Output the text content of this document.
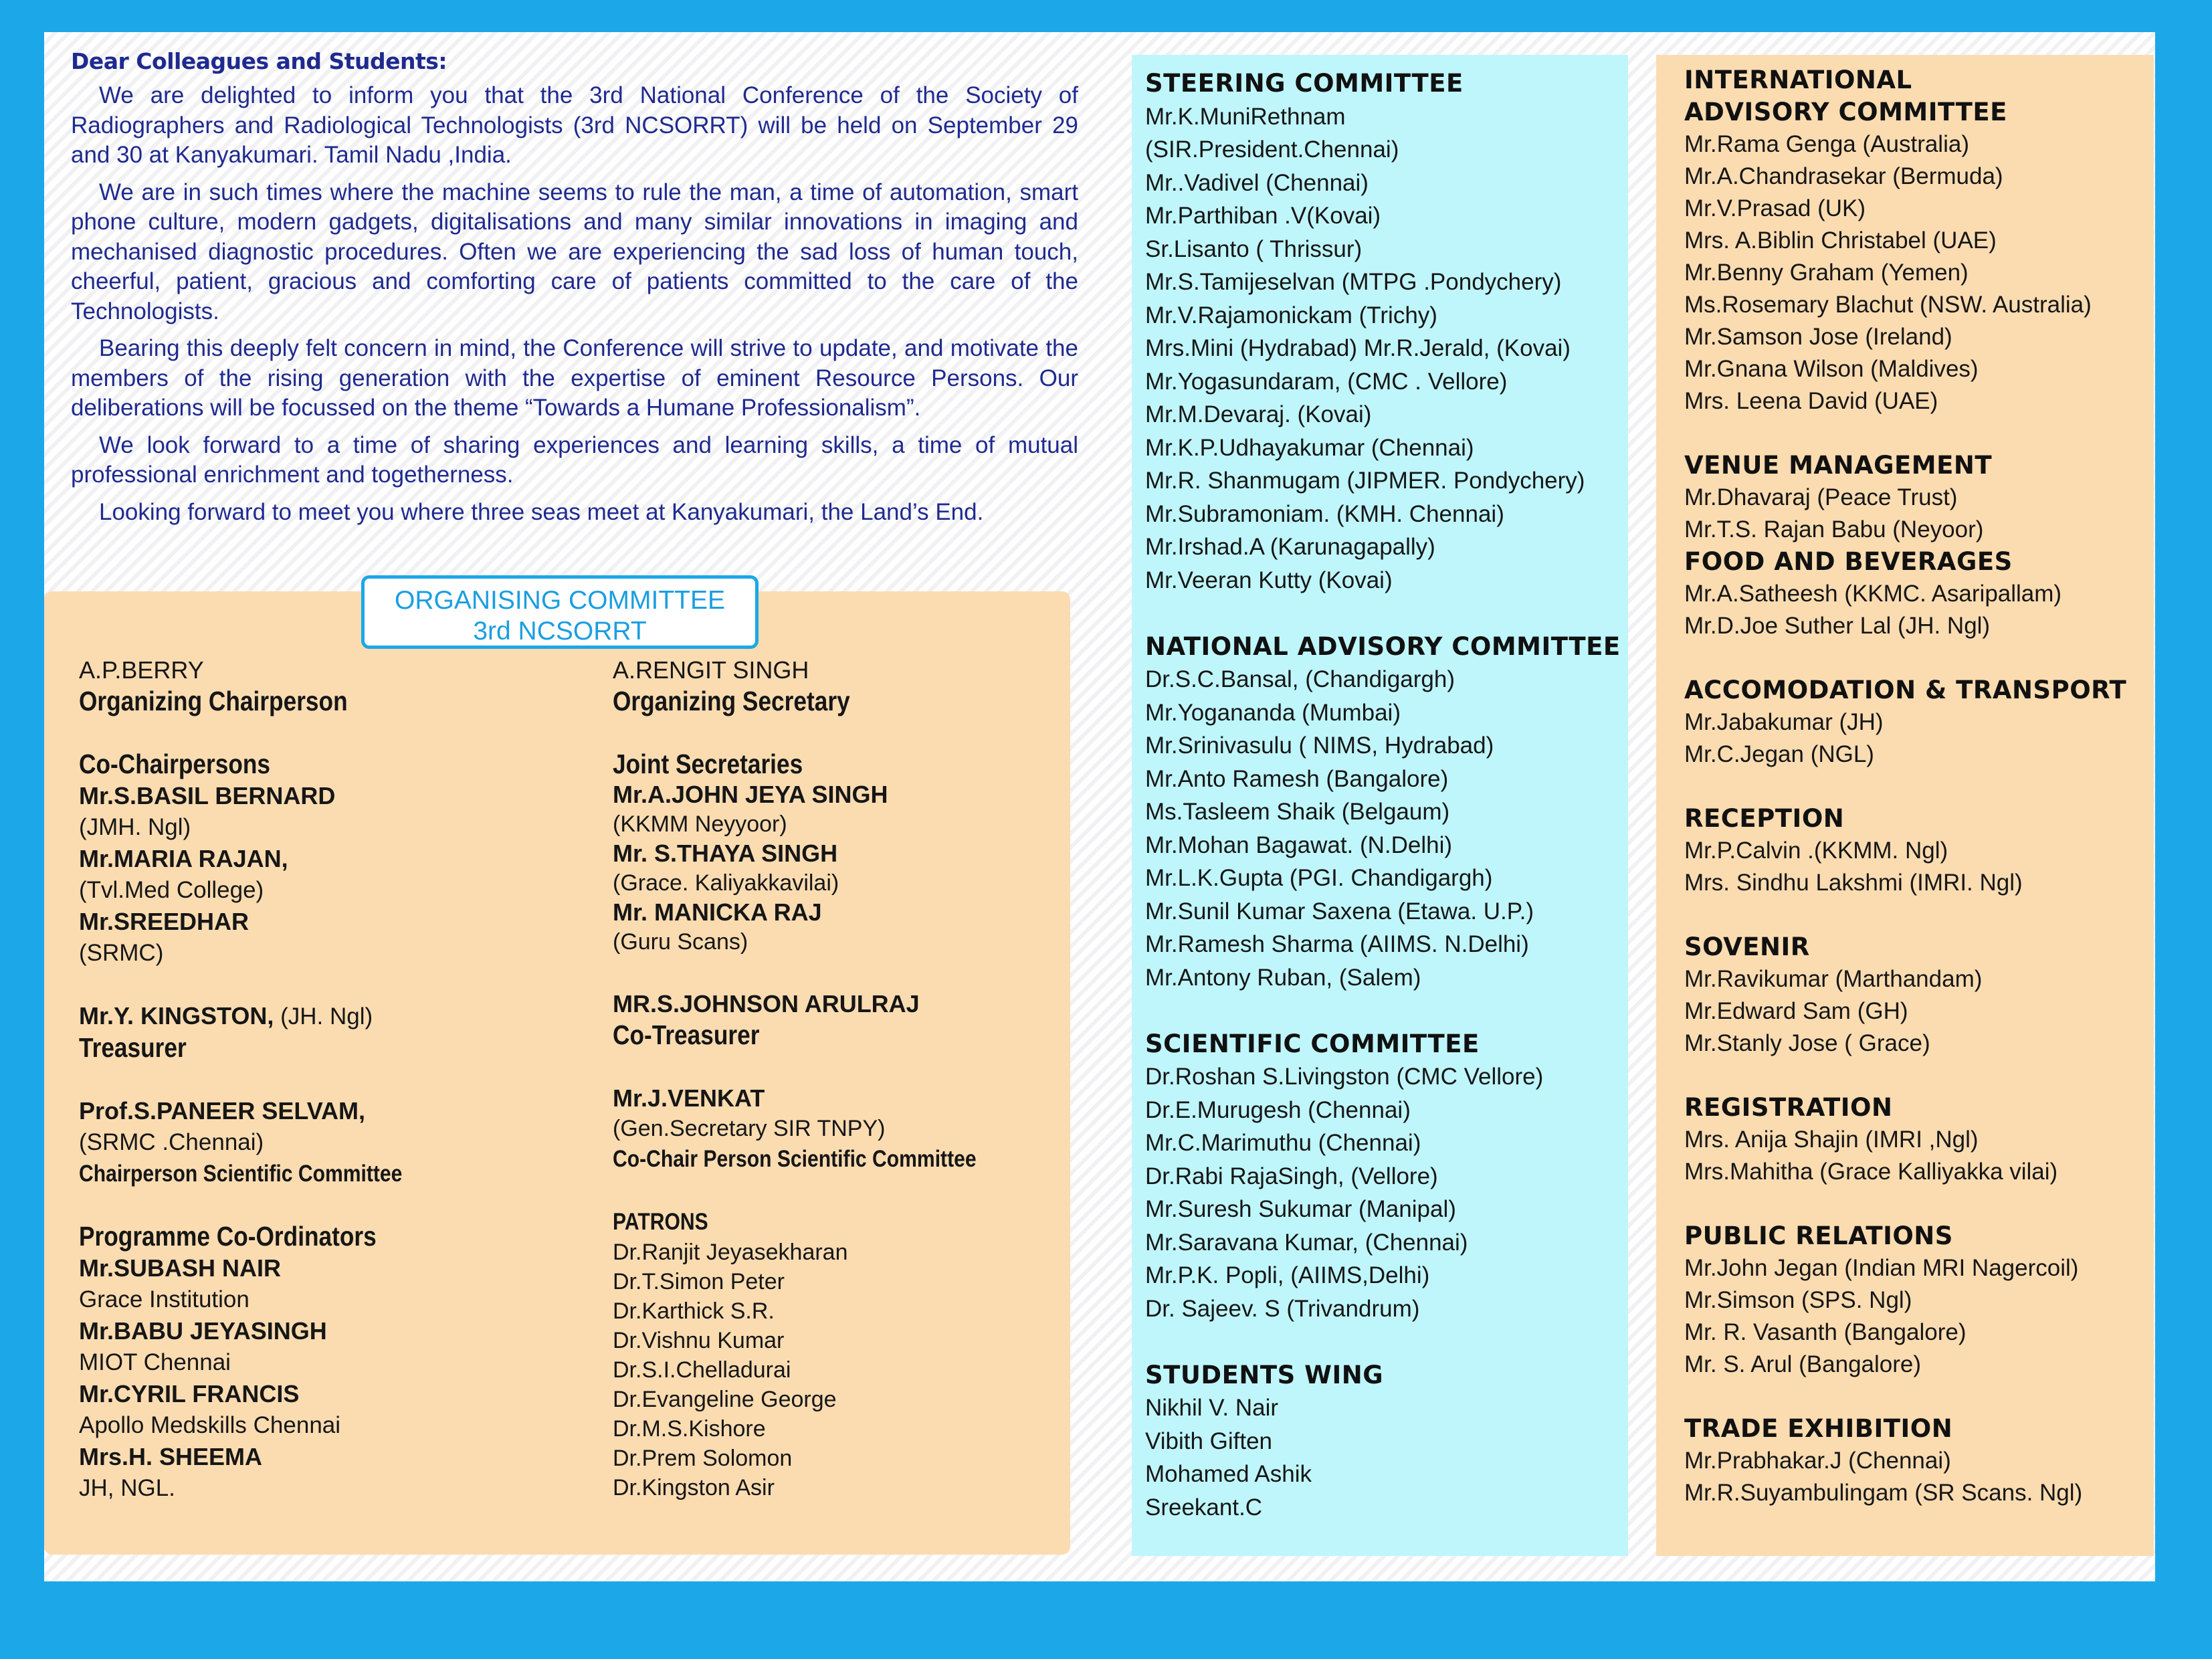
Dear Colleagues and Students:

We are delighted to inform you that the 3rd National Conference of the Society of Radiographers and Radiological Technologists (3rd NCSORRT) will be held on September 29 and 30 at Kanyakumari. Tamil Nadu ,India.

We are in such times where the machine seems to rule the man, a time of automation, smart phone culture, modern gadgets, digitalisations and many similar innovations in imaging and mechanised diagnostic procedures. Often we are experiencing the sad loss of human touch, cheerful, patient, gracious and comforting care of patients committed to the care of the Technologists.

Bearing this deeply felt concern in mind, the Conference will strive to update, and motivate the members of the rising generation with the expertise of eminent Resource Persons. Our deliberations will be focussed on the theme “Towards a Humane Professionalism”.

We look forward to a time of sharing experiences and learning skills, a time of mutual professional enrichment and togetherness.

Looking forward to meet you where three seas meet at Kanyakumari, the Land’s End.

ORGANISING COMMITTEE
3rd NCSORRT
A.P.BERRY
Organizing Chairperson
Co-Chairpersons
Mr.S.BASIL BERNARD
(JMH. Ngl)
Mr.MARIA RAJAN,
(Tvl.Med College)
Mr.SREEDHAR
(SRMC)
Mr.Y. KINGSTON, (JH. Ngl)
Treasurer
Prof.S.PANEER SELVAM,
(SRMC .Chennai)
Chairperson Scientific Committee
Programme Co-Ordinators
Mr.SUBASH NAIR
Grace Institution
Mr.BABU JEYASINGH
MIOT Chennai
Mr.CYRIL FRANCIS
Apollo Medskills Chennai
Mrs.H. SHEEMA
JH, NGL.
A.RENGIT SINGH
Organizing Secretary
Joint Secretaries
Mr.A.JOHN JEYA SINGH
(KKMM Neyyoor)
Mr. S.THAYA SINGH
(Grace. Kaliyakkavilai)
Mr. MANICKA RAJ
(Guru Scans)
MR.S.JOHNSON ARULRAJ
Co-Treasurer
Mr.J.VENKAT
(Gen.Secretary SIR TNPY)
Co-Chair Person Scientific Committee
PATRONS
Dr.Ranjit Jeyasekharan
Dr.T.Simon Peter
Dr.Karthick S.R.
Dr.Vishnu Kumar
Dr.S.I.Chelladurai
Dr.Evangeline George
Dr.M.S.Kishore
Dr.Prem Solomon
Dr.Kingston Asir
STEERING COMMITTEE
Mr.K.MuniRethnam
(SIR.President.Chennai)
Mr..Vadivel (Chennai)
Mr.Parthiban .V(Kovai)
Sr.Lisanto ( Thrissur)
Mr.S.Tamijeselvan (MTPG .Pondychery)
Mr.V.Rajamonickam (Trichy)
Mrs.Mini (Hydrabad) Mr.R.Jerald, (Kovai)
Mr.Yogasundaram, (CMC . Vellore)
Mr.M.Devaraj. (Kovai)
Mr.K.P.Udhayakumar (Chennai)
Mr.R. Shanmugam (JIPMER. Pondychery)
Mr.Subramoniam. (KMH. Chennai)
Mr.Irshad.A (Karunagapally)
Mr.Veeran Kutty (Kovai)
NATIONAL ADVISORY COMMITTEE
Dr.S.C.Bansal, (Chandigargh)
Mr.Yogananda (Mumbai)
Mr.Srinivasulu ( NIMS, Hydrabad)
Mr.Anto Ramesh (Bangalore)
Ms.Tasleem Shaik (Belgaum)
Mr.Mohan Bagawat. (N.Delhi)
Mr.L.K.Gupta (PGI. Chandigargh)
Mr.Sunil Kumar Saxena (Etawa. U.P.)
Mr.Ramesh Sharma (AIIMS. N.Delhi)
Mr.Antony Ruban, (Salem)
SCIENTIFIC COMMITTEE
Dr.Roshan S.Livingston (CMC Vellore)
Dr.E.Murugesh (Chennai)
Mr.C.Marimuthu (Chennai)
Dr.Rabi RajaSingh, (Vellore)
Mr.Suresh Sukumar (Manipal)
Mr.Saravana Kumar, (Chennai)
Mr.P.K. Popli, (AIIMS,Delhi)
Dr. Sajeev. S (Trivandrum)
STUDENTS WING
Nikhil V. Nair
Vibith Giften
Mohamed Ashik
Sreekant.C
INTERNATIONAL
ADVISORY COMMITTEE
Mr.Rama Genga (Australia)
Mr.A.Chandrasekar (Bermuda)
Mr.V.Prasad (UK)
Mrs. A.Biblin Christabel (UAE)
Mr.Benny Graham (Yemen)
Ms.Rosemary Blachut (NSW. Australia)
Mr.Samson Jose (Ireland)
Mr.Gnana Wilson (Maldives)
Mrs. Leena David (UAE)
VENUE MANAGEMENT
Mr.Dhavaraj (Peace Trust)
Mr.T.S. Rajan Babu (Neyoor)
FOOD AND BEVERAGES
Mr.A.Satheesh (KKMC. Asaripallam)
Mr.D.Joe Suther Lal (JH. Ngl)
ACCOMODATION & TRANSPORT
Mr.Jabakumar (JH)
Mr.C.Jegan (NGL)
RECEPTION
Mr.P.Calvin .(KKMM. Ngl)
Mrs. Sindhu Lakshmi (IMRI. Ngl)
SOVENIR
Mr.Ravikumar (Marthandam)
Mr.Edward Sam (GH)
Mr.Stanly Jose ( Grace)
REGISTRATION
Mrs. Anija Shajin (IMRI ,Ngl)
Mrs.Mahitha (Grace Kalliyakka vilai)
PUBLIC RELATIONS
Mr.John Jegan (Indian MRI Nagercoil)
Mr.Simson (SPS. Ngl)
Mr. R. Vasanth (Bangalore)
Mr. S. Arul (Bangalore)
TRADE EXHIBITION
Mr.Prabhakar.J (Chennai)
Mr.R.Suyambulingam (SR Scans. Ngl)
